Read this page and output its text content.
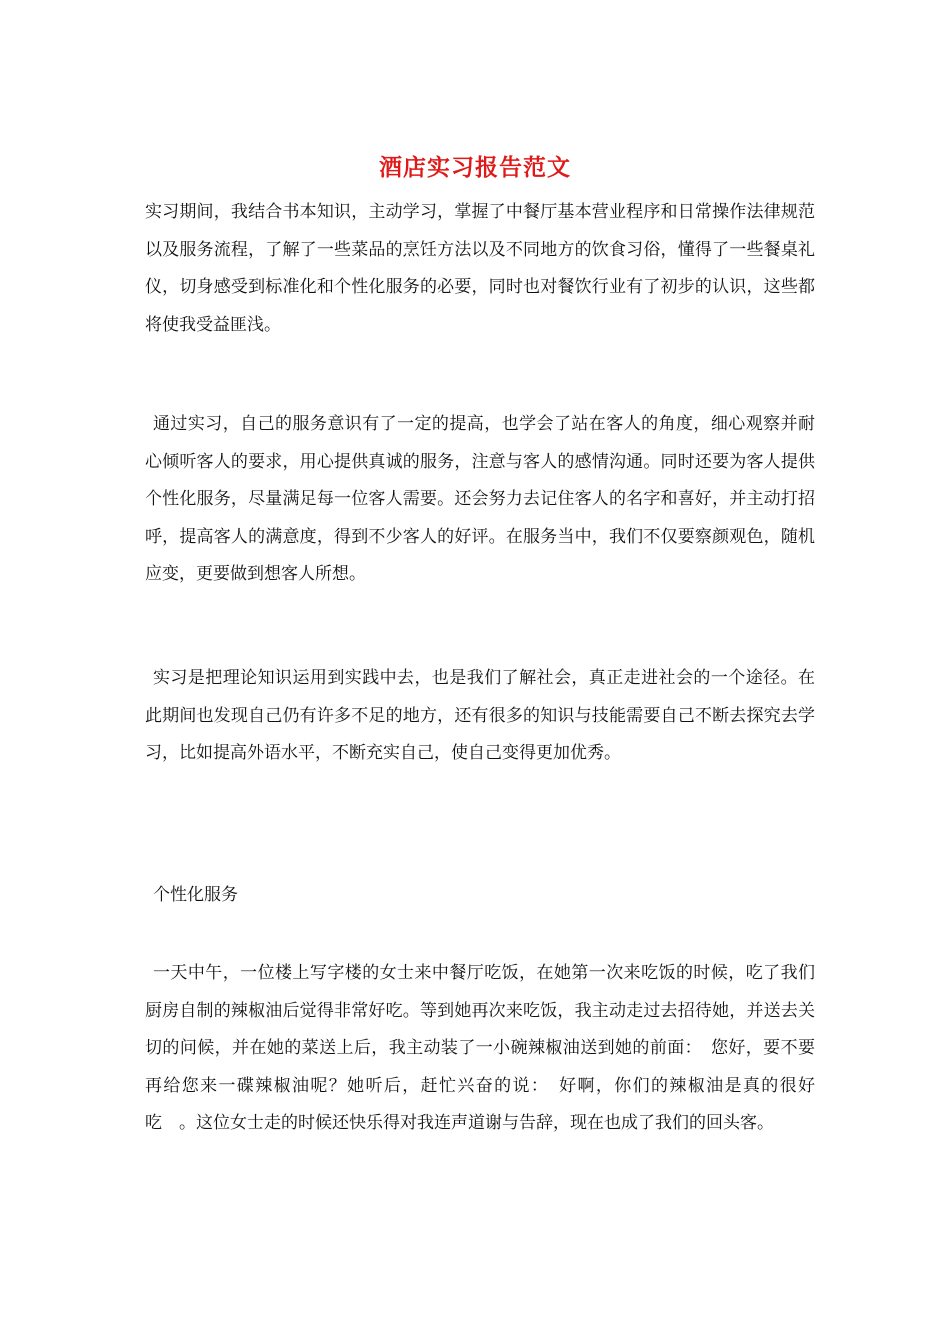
酒店实习报告范文
实习期间，我结合书本知识，主动学习，掌握了中餐厅基本营业程序和日常操作法律规范以及服务流程，了解了一些菜品的烹饪方法以及不同地方的饮食习俗，懂得了一些餐桌礼仪，切身感受到标准化和个性化服务的必要，同时也对餐饮行业有了初步的认识，这些都将使我受益匪浅。
通过实习，自己的服务意识有了一定的提高，也学会了站在客人的角度，细心观察并耐心倾听客人的要求，用心提供真诚的服务，注意与客人的感情沟通。同时还要为客人提供个性化服务，尽量满足每一位客人需要。还会努力去记住客人的名字和喜好，并主动打招呼，提高客人的满意度，得到不少客人的好评。在服务当中，我们不仅要察颜观色，随机应变，更要做到想客人所想。
实习是把理论知识运用到实践中去，也是我们了解社会，真正走进社会的一个途径。在此期间也发现自己仍有许多不足的地方，还有很多的知识与技能需要自己不断去探究去学习，比如提高外语水平，不断充实自己，使自己变得更加优秀。
个性化服务
一天中午，一位楼上写字楼的女士来中餐厅吃饭，在她第一次来吃饭的时候，吃了我们厨房自制的辣椒油后觉得非常好吃。等到她再次来吃饭，我主动走过去招待她，并送去关切的问候，并在她的菜送上后，我主动装了一小碗辣椒油送到她的前面：　您好，要不要再给您来一碟辣椒油呢？她听后，赶忙兴奋的说：　好啊，你们的辣椒油是真的很好吃　。这位女士走的时候还快乐得对我连声道谢与告辞，现在也成了我们的回头客。
